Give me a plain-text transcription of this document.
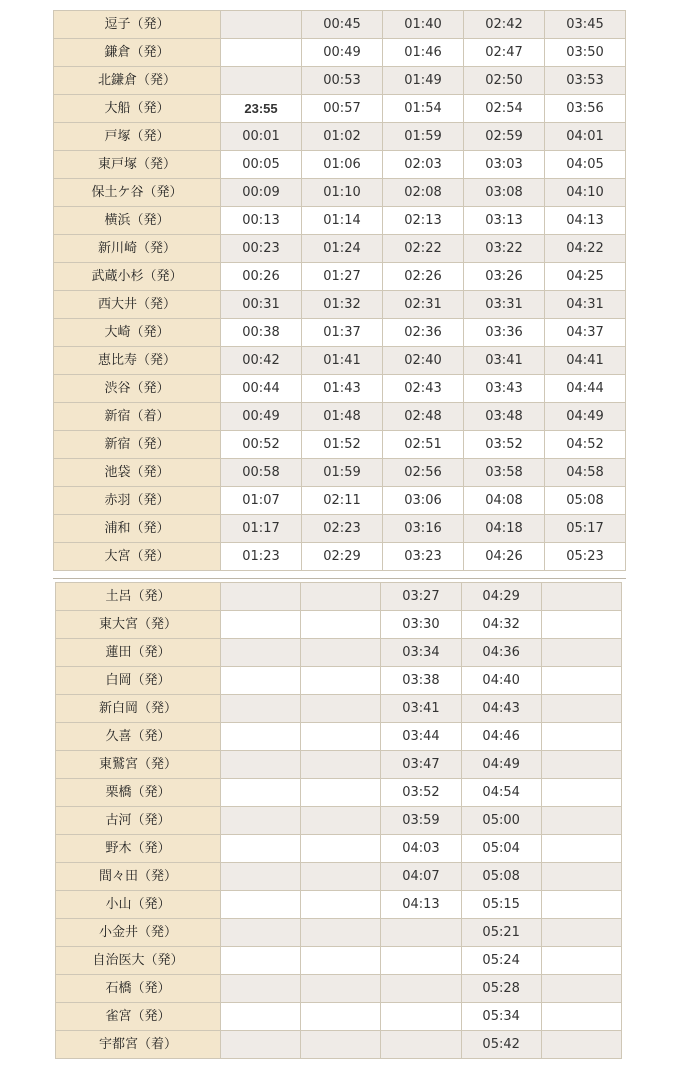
逗子（発）		00:45	01:40	02:42	03:45
鎌倉（発）		00:49	01:46	02:47	03:50
北鎌倉（発）		00:53	01:49	02:50	03:53
大船（発）	23:55	00:57	01:54	02:54	03:56
戸塚（発）	00:01	01:02	01:59	02:59	04:01
東戸塚（発）	00:05	01:06	02:03	03:03	04:05
保土ケ谷（発）	00:09	01:10	02:08	03:08	04:10
横浜（発）	00:13	01:14	02:13	03:13	04:13
新川崎（発）	00:23	01:24	02:22	03:22	04:22
武蔵小杉（発）	00:26	01:27	02:26	03:26	04:25
西大井（発）	00:31	01:32	02:31	03:31	04:31
大崎（発）	00:38	01:37	02:36	03:36	04:37
恵比寿（発）	00:42	01:41	02:40	03:41	04:41
渋谷（発）	00:44	01:43	02:43	03:43	04:44
新宿（着）	00:49	01:48	02:48	03:48	04:49
新宿（発）	00:52	01:52	02:51	03:52	04:52
池袋（発）	00:58	01:59	02:56	03:58	04:58
赤羽（発）	01:07	02:11	03:06	04:08	05:08
浦和（発）	01:17	02:23	03:16	04:18	05:17
大宮（発）	01:23	02:29	03:23	04:26	05:23
土呂（発）			03:27	04:29	
東大宮（発）			03:30	04:32	
蓮田（発）			03:34	04:36	
白岡（発）			03:38	04:40	
新白岡（発）			03:41	04:43	
久喜（発）			03:44	04:46	
東鷲宮（発）			03:47	04:49	
栗橋（発）			03:52	04:54	
古河（発）			03:59	05:00	
野木（発）			04:03	05:04	
間々田（発）			04:07	05:08	
小山（発）			04:13	05:15	
小金井（発）				05:21	
自治医大（発）				05:24	
石橋（発）				05:28	
雀宮（発）				05:34	
宇都宮（着）				05:42	
